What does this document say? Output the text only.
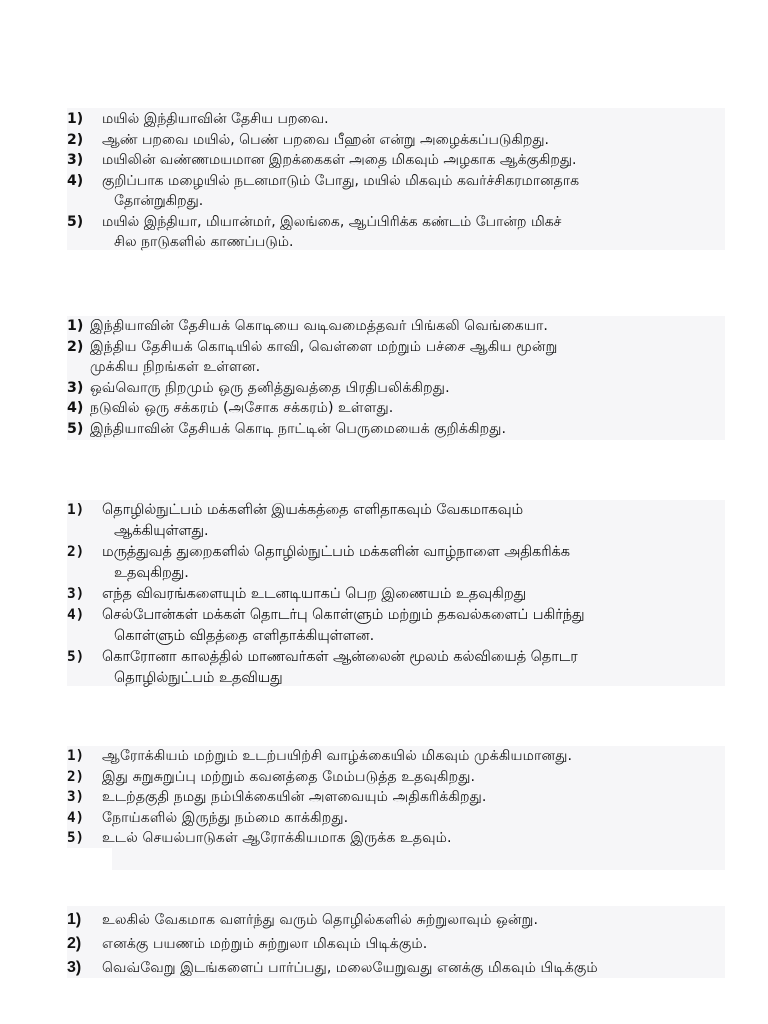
1) மயில் இந்தியாவின் தேசிய பறவை.
2) ஆண் பறவை மயில், பெண் பறவை பீஹன் என்று அழைக்கப்படுகிறது.
3) மயிலின் வண்ணமயமான இறக்கைகள் அதை மிகவும் அழகாக ஆக்குகிறது.
4) குறிப்பாக மழையில் நடனமாடும் போது, மயில் மிகவும் கவர்ச்சிகரமானதாக
தோன்றுகிறது.
5) மயில் இந்தியா, மியான்மர், இலங்கை, ஆப்பிரிக்க கண்டம் போன்ற மிகச்
சில நாடுகளில் காணப்படும்.
1) இந்தியாவின் தேசியக் கொடியை வடிவமைத்தவர் பிங்கலி வெங்கையா.
2) இந்திய தேசியக் கொடியில் காவி, வெள்ளை மற்றும் பச்சை ஆகிய மூன்று
முக்கிய நிறங்கள் உள்ளன.
3) ஒவ்வொரு நிறமும் ஒரு தனித்துவத்தை பிரதிபலிக்கிறது.
4) நடுவில் ஒரு சக்கரம் (அசோக சக்கரம்) உள்ளது.
5) இந்தியாவின் தேசியக் கொடி நாட்டின் பெருமையைக் குறிக்கிறது.
1) தொழில்நுட்பம் மக்களின் இயக்கத்தை எளிதாகவும் வேகமாகவும்
ஆக்கியுள்ளது.
2) மருத்துவத் துறைகளில் தொழில்நுட்பம் மக்களின் வாழ்நாளை அதிகரிக்க
உதவுகிறது.
3) எந்த விவரங்களையும் உடனடியாகப் பெற இணையம் உதவுகிறது
4) செல்போன்கள் மக்கள் தொடர்பு கொள்ளும் மற்றும் தகவல்களைப் பகிர்ந்து
கொள்ளும் விதத்தை எளிதாக்கியுள்ளன.
5) கொரோனா காலத்தில் மாணவர்கள் ஆன்லைன் மூலம் கல்வியைத் தொடர
தொழில்நுட்பம் உதவியது
1) ஆரோக்கியம் மற்றும் உடற்பயிற்சி வாழ்க்கையில் மிகவும் முக்கியமானது.
2) இது சுறுசுறுப்பு மற்றும் கவனத்தை மேம்படுத்த உதவுகிறது.
3) உடற்தகுதி நமது நம்பிக்கையின் அளவையும் அதிகரிக்கிறது.
4) நோய்களில் இருந்து நம்மை காக்கிறது.
5) உடல் செயல்பாடுகள் ஆரோக்கியமாக இருக்க உதவும்.
1) உலகில் வேகமாக வளர்ந்து வரும் தொழில்களில் சுற்றுலாவும் ஒன்று.
2) எனக்கு பயணம் மற்றும் சுற்றுலா மிகவும் பிடிக்கும்.
3) வெவ்வேறு இடங்களைப் பார்ப்பது, மலையேறுவது எனக்கு மிகவும் பிடிக்கும்
